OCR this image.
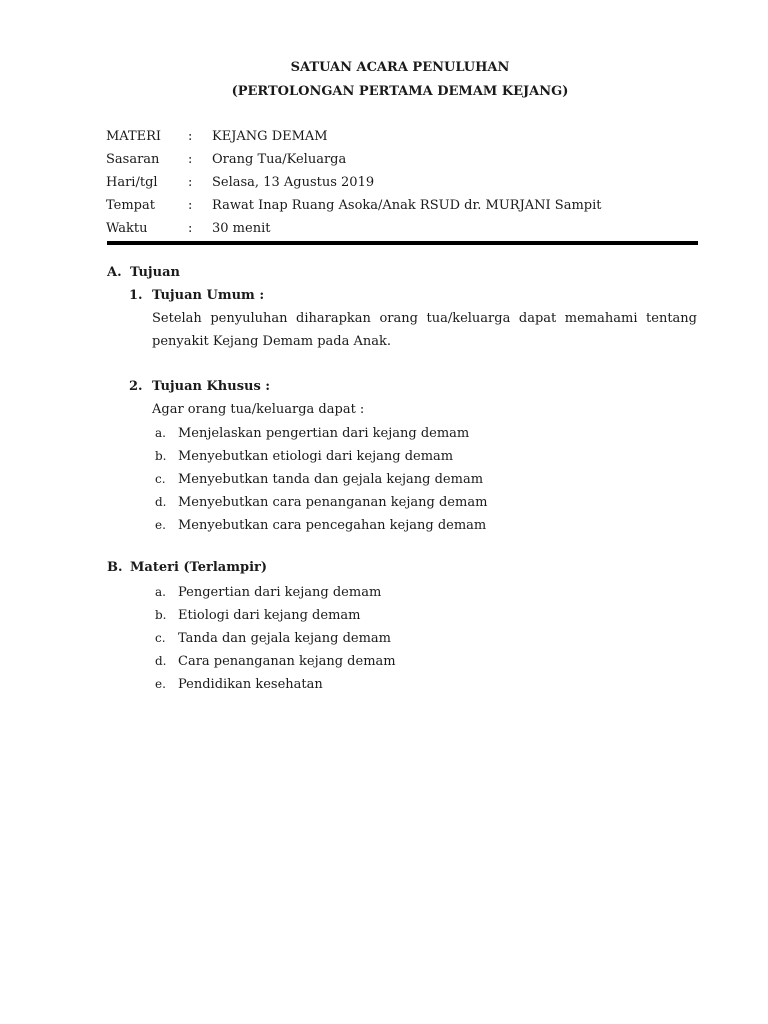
SATUAN ACARA PENULUHAN
(PERTOLONGAN PERTAMA DEMAM KEJANG)
MATERI : KEJANG DEMAM
Sasaran : Orang Tua/Keluarga
Hari/tgl : Selasa, 13 Agustus 2019
Tempat	: Rawat Inap Ruang Asoka/Anak RSUD dr. MURJANI Sampit
Waktu	: 30 menit
A. Tujuan
1. Tujuan Umum :
Setelah penyuluhan diharapkan orang tua/keluarga dapat memahami tentang penyakit Kejang Demam pada Anak.
2. Tujuan Khusus :
Agar orang tua/keluarga dapat :
a. Menjelaskan pengertian dari kejang demam
b. Menyebutkan etiologi dari kejang demam
c. Menyebutkan tanda dan gejala kejang demam
d. Menyebutkan cara penanganan kejang demam
e. Menyebutkan cara pencegahan kejang demam
B. Materi (Terlampir)
a. Pengertian dari kejang demam
b. Etiologi dari kejang demam
c. Tanda dan gejala kejang demam
d. Cara penanganan kejang demam
e. Pendidikan kesehatan
